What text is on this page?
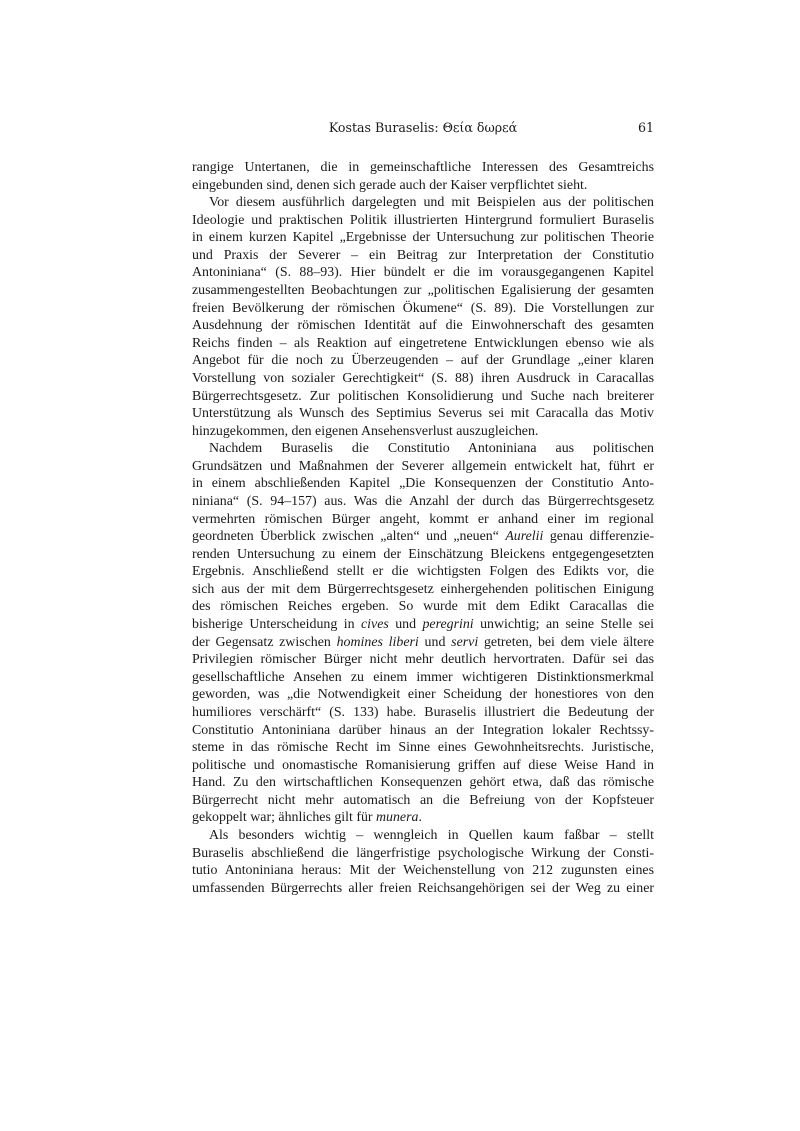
Kostas Buraselis: Θεία δωρεά	61
rangige Untertanen, die in gemeinschaftliche Interessen des Gesamtreichs
eingebunden sind, denen sich gerade auch der Kaiser verpflichtet sieht.
Vor diesem ausführlich dargelegten und mit Beispielen aus der politischen
Ideologie und praktischen Politik illustrierten Hintergrund formuliert Buraselis
in einem kurzen Kapitel „Ergebnisse der Untersuchung zur politischen Theorie
und Praxis der Severer – ein Beitrag zur Interpretation der Constitutio
Antoniniana“ (S. 88–93). Hier bündelt er die im vorausgegangenen Kapitel
zusammengestellten Beobachtungen zur „politischen Egalisierung der gesamten
freien Bevölkerung der römischen Ökumene“ (S. 89). Die Vorstellungen zur
Ausdehnung der römischen Identität auf die Einwohnerschaft des gesamten
Reichs finden – als Reaktion auf eingetretene Entwicklungen ebenso wie als
Angebot für die noch zu Überzeugenden – auf der Grundlage „einer klaren
Vorstellung von sozialer Gerechtigkeit“ (S. 88) ihren Ausdruck in Caracallas
Bürgerrechtsgesetz. Zur politischen Konsolidierung und Suche nach breiterer
Unterstützung als Wunsch des Septimius Severus sei mit Caracalla das Motiv
hinzugekommen, den eigenen Ansehensverlust auszugleichen.
Nachdem Buraselis die Constitutio Antoniniana aus politischen
Grundsätzen und Maßnahmen der Severer allgemein entwickelt hat, führt er
in einem abschließenden Kapitel „Die Konsequenzen der Constitutio Anto-
niniana“ (S. 94–157) aus. Was die Anzahl der durch das Bürgerrechtsgesetz
vermehrten römischen Bürger angeht, kommt er anhand einer im regional
geordneten Überblick zwischen „alten“ und „neuen“ Aurelii genau differenzie-
renden Untersuchung zu einem der Einschätzung Bleickens entgegengesetzten
Ergebnis. Anschließend stellt er die wichtigsten Folgen des Edikts vor, die
sich aus der mit dem Bürgerrechtsgesetz einhergehenden politischen Einigung
des römischen Reiches ergeben. So wurde mit dem Edikt Caracallas die
bisherige Unterscheidung in cives und peregrini unwichtig; an seine Stelle sei
der Gegensatz zwischen homines liberi und servi getreten, bei dem viele ältere
Privilegien römischer Bürger nicht mehr deutlich hervortraten. Dafür sei das
gesellschaftliche Ansehen zu einem immer wichtigeren Distinktionsmerkmal
geworden, was „die Notwendigkeit einer Scheidung der honestiores von den
humiliores verschärft“ (S. 133) habe. Buraselis illustriert die Bedeutung der
Constitutio Antoniniana darüber hinaus an der Integration lokaler Rechtssy-
steme in das römische Recht im Sinne eines Gewohnheitsrechts. Juristische,
politische und onomastische Romanisierung griffen auf diese Weise Hand in
Hand. Zu den wirtschaftlichen Konsequenzen gehört etwa, daß das römische
Bürgerrecht nicht mehr automatisch an die Befreiung von der Kopfsteuer
gekoppelt war; ähnliches gilt für munera.
Als besonders wichtig – wenngleich in Quellen kaum faßbar – stellt
Buraselis abschließend die längerfristige psychologische Wirkung der Consti-
tutio Antoniniana heraus: Mit der Weichenstellung von 212 zugunsten eines
umfassenden Bürgerrechts aller freien Reichsangehörigen sei der Weg zu einer
